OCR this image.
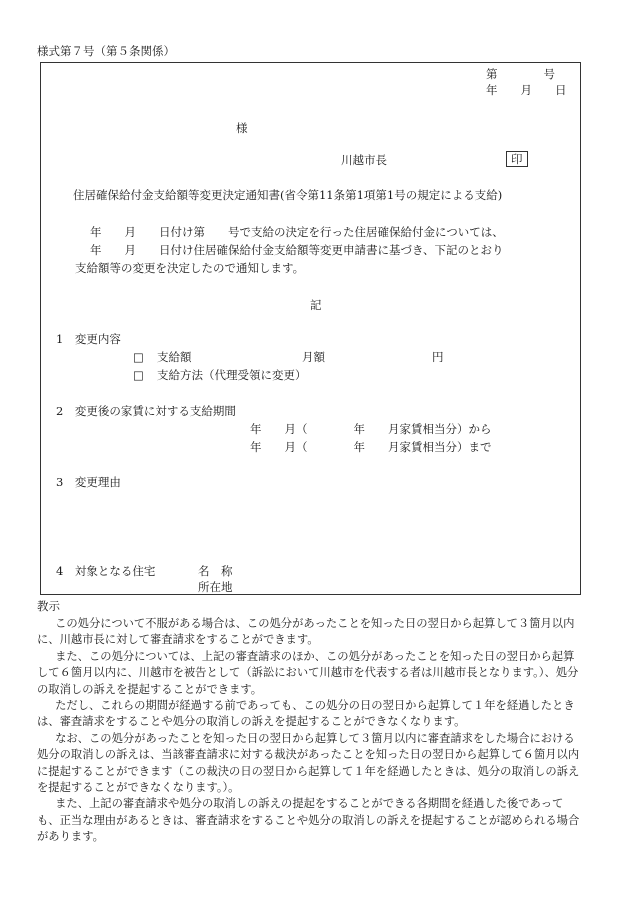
様式第７号（第５条関係）
第　　　　号
年　　月　　日
様
川越市長	印
住居確保給付金支給額等変更決定通知書(省令第11条第1項第1号の規定による支給)
年　　月　　日付け第　　号で支給の決定を行った住居確保給付金については、
年　　月　　日付け住居確保給付金支給額等変更申請書に基づき、下記のとおり
支給額等の変更を決定したので通知します。
記
1　変更内容
□ 支給額	月額	円
□ 支給方法（代理受領に変更）
2　変更後の家賃に対する支給期間
年　　月（　　　　年　　月家賃相当分）から
年　　月（　　　　年　　月家賃相当分）まで
3　変更理由
4　対象となる住宅	名　称
所在地
教示

この処分について不服がある場合は、この処分があったことを知った日の翌日から起算して３箇月以内に、川越市長に対して審査請求をすることができます。

また、この処分については、上記の審査請求のほか、この処分があったことを知った日の翌日から起算して６箇月以内に、川越市を被告として（訴訟において川越市を代表する者は川越市長となります。）、処分の取消しの訴えを提起することができます。

ただし、これらの期間が経過する前であっても、この処分の日の翌日から起算して１年を経過したときは、審査請求をすることや処分の取消しの訴えを提起することができなくなります。

なお、この処分があったことを知った日の翌日から起算して３箇月以内に審査請求をした場合における処分の取消しの訴えは、当該審査請求に対する裁決があったことを知った日の翌日から起算して６箇月以内に提起することができます（この裁決の日の翌日から起算して１年を経過したときは、処分の取消しの訴えを提起することができなくなります。）。

また、上記の審査請求や処分の取消しの訴えの提起をすることができる各期間を経過した後であっても、正当な理由があるときは、審査請求をすることや処分の取消しの訴えを提起することが認められる場合があります。
